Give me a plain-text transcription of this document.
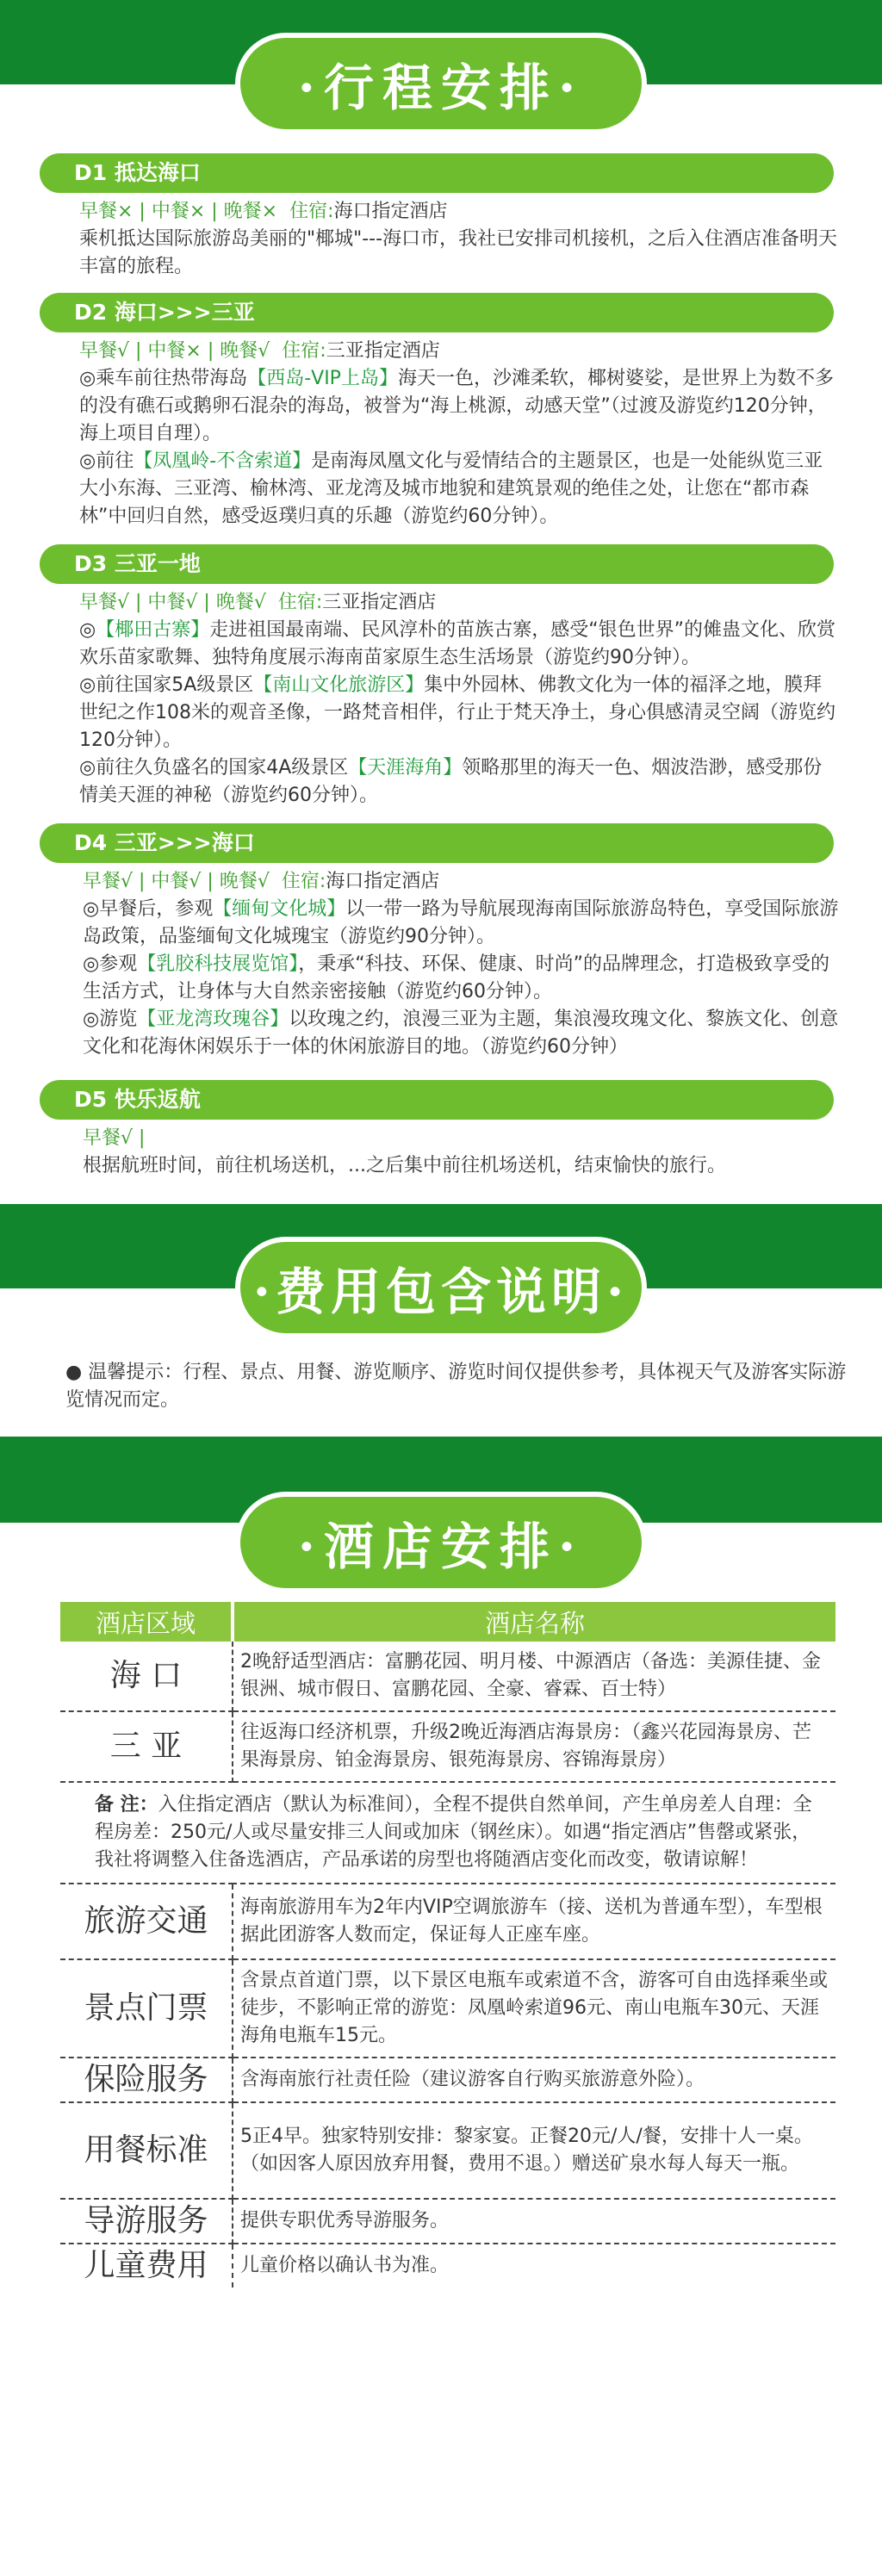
·行程安排·
D1 抵达海口
早餐× | 中餐× | 晚餐× 住宿:海口指定酒店
乘机抵达国际旅游岛美丽的"椰城"---海口市，我社已安排司机接机，之后入住酒店准备明天丰富的旅程。
D2 海口>>>三亚
早餐√ | 中餐× | 晚餐√ 住宿:三亚指定酒店
◎乘车前往热带海岛【西岛-VIP上岛】海天一色，沙滩柔软，椰树婆娑，是世界上为数不多的没有礁石或鹅卵石混杂的海岛，被誉为“海上桃源，动感天堂”（过渡及游览约120分钟，海上项目自理）。
◎前往【凤凰岭-不含索道】是南海凤凰文化与爱情结合的主题景区，也是一处能纵览三亚大小东海、三亚湾、榆林湾、亚龙湾及城市地貌和建筑景观的绝佳之处，让您在“都市森林”中回归自然，感受返璞归真的乐趣（游览约60分钟）。
D3 三亚一地
早餐√ | 中餐√ | 晚餐√ 住宿:三亚指定酒店
◎【椰田古寨】走进祖国最南端、民风淳朴的苗族古寨，感受“银色世界”的傩蛊文化、欣赏欢乐苗家歌舞、独特角度展示海南苗家原生态生活场景（游览约90分钟）。
◎前往国家5A级景区【南山文化旅游区】集中外园林、佛教文化为一体的福泽之地，膜拜世纪之作108米的观音圣像，一路梵音相伴，行止于梵天净土，身心俱感清灵空阔（游览约120分钟）。
◎前往久负盛名的国家4A级景区【天涯海角】领略那里的海天一色、烟波浩渺，感受那份情美天涯的神秘（游览约60分钟）。
D4 三亚>>>海口
早餐√ | 中餐√ | 晚餐√ 住宿:海口指定酒店
◎早餐后，参观【缅甸文化城】以一带一路为导航展现海南国际旅游岛特色，享受国际旅游岛政策，品鉴缅甸文化城瑰宝（游览约90分钟）。
◎参观【乳胶科技展览馆】，秉承“科技、环保、健康、时尚”的品牌理念，打造极致享受的生活方式，让身体与大自然亲密接触（游览约60分钟）。
◎游览【亚龙湾玫瑰谷】以玫瑰之约，浪漫三亚为主题，集浪漫玫瑰文化、黎族文化、创意文化和花海休闲娱乐于一体的休闲旅游目的地。（游览约60分钟）
D5 快乐返航
早餐√ |
根据航班时间，前往机场送机，...之后集中前往机场送机，结束愉快的旅行。
·费用包含说明·
● 温馨提示：行程、景点、用餐、游览顺序、游览时间仅提供参考，具体视天气及游客实际游览情况而定。
·酒店安排·
酒店区域	酒店名称
海 口	2晚舒适型酒店：富鹏花园、明月楼、中源酒店（备选：美源佳捷、金银洲、城市假日、富鹏花园、全豪、睿霖、百士特）
三 亚	往返海口经济机票，升级2晚近海酒店海景房：（鑫兴花园海景房、芒果海景房、铂金海景房、银苑海景房、容锦海景房）
备 注：入住指定酒店（默认为标准间），全程不提供自然单间，产生单房差人自理：全程房差：250元/人或尽量安排三人间或加床（钢丝床）。如遇“指定酒店”售罄或紧张，我社将调整入住备选酒店，产品承诺的房型也将随酒店变化而改变，敬请谅解！	
旅游交通	海南旅游用车为2年内VIP空调旅游车（接、送机为普通车型），车型根据此团游客人数而定，保证每人正座车座。
景点门票	含景点首道门票，以下景区电瓶车或索道不含，游客可自由选择乘坐或徒步，不影响正常的游览：凤凰岭索道96元、南山电瓶车30元、天涯海角电瓶车15元。
保险服务	含海南旅行社责任险（建议游客自行购买旅游意外险）。
用餐标准	5正4早。独家特别安排：黎家宴。正餐20元/人/餐，安排十人一桌。（如因客人原因放弃用餐，费用不退。）赠送矿泉水每人每天一瓶。
导游服务	提供专职优秀导游服务。
儿童费用	儿童价格以确认书为准。
